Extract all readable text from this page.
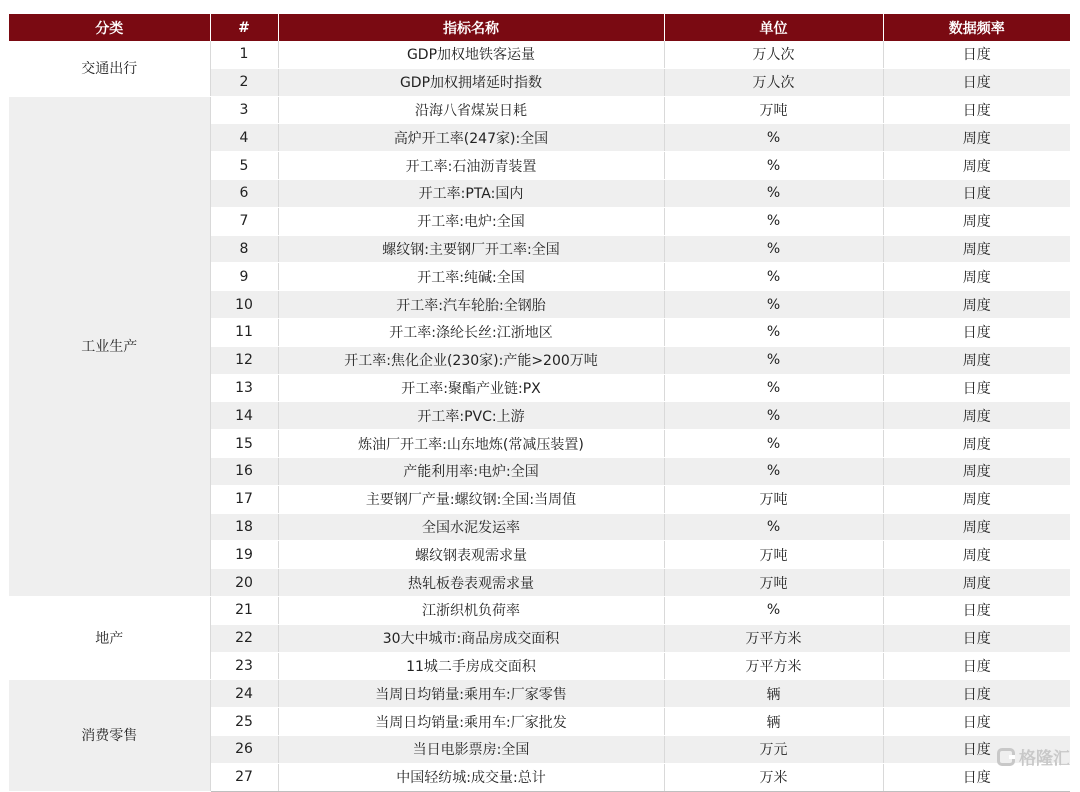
分类	#	指标名称	单位	数据频率
交通出行	1	GDP加权地铁客运量	万人次	日度
	2	GDP加权拥堵延时指数	万人次	日度
工业生产	3	沿海八省煤炭日耗	万吨	日度
	4	高炉开工率(247家):全国	%	周度
	5	开工率:石油沥青装置	%	周度
	6	开工率:PTA:国内	%	日度
	7	开工率:电炉:全国	%	周度
	8	螺纹钢:主要钢厂开工率:全国	%	周度
	9	开工率:纯碱:全国	%	周度
	10	开工率:汽车轮胎:全钢胎	%	周度
	11	开工率:涤纶长丝:江浙地区	%	日度
	12	开工率:焦化企业(230家):产能>200万吨	%	周度
	13	开工率:聚酯产业链:PX	%	日度
	14	开工率:PVC:上游	%	周度
	15	炼油厂开工率:山东地炼(常减压装置)	%	周度
	16	产能利用率:电炉:全国	%	周度
	17	主要钢厂产量:螺纹钢:全国:当周值	万吨	周度
	18	全国水泥发运率	%	周度
	19	螺纹钢表观需求量	万吨	周度
	20	热轧板卷表观需求量	万吨	周度
地产	21	江浙织机负荷率	%	日度
	22	30大中城市:商品房成交面积	万平方米	日度
	23	11城二手房成交面积	万平方米	日度
消费零售	24	当周日均销量:乘用车:厂家零售	辆	日度
	25	当周日均销量:乘用车:厂家批发	辆	日度
	26	当日电影票房:全国	万元	日度
	27	中国轻纺城:成交量:总计	万米	日度
格隆汇
